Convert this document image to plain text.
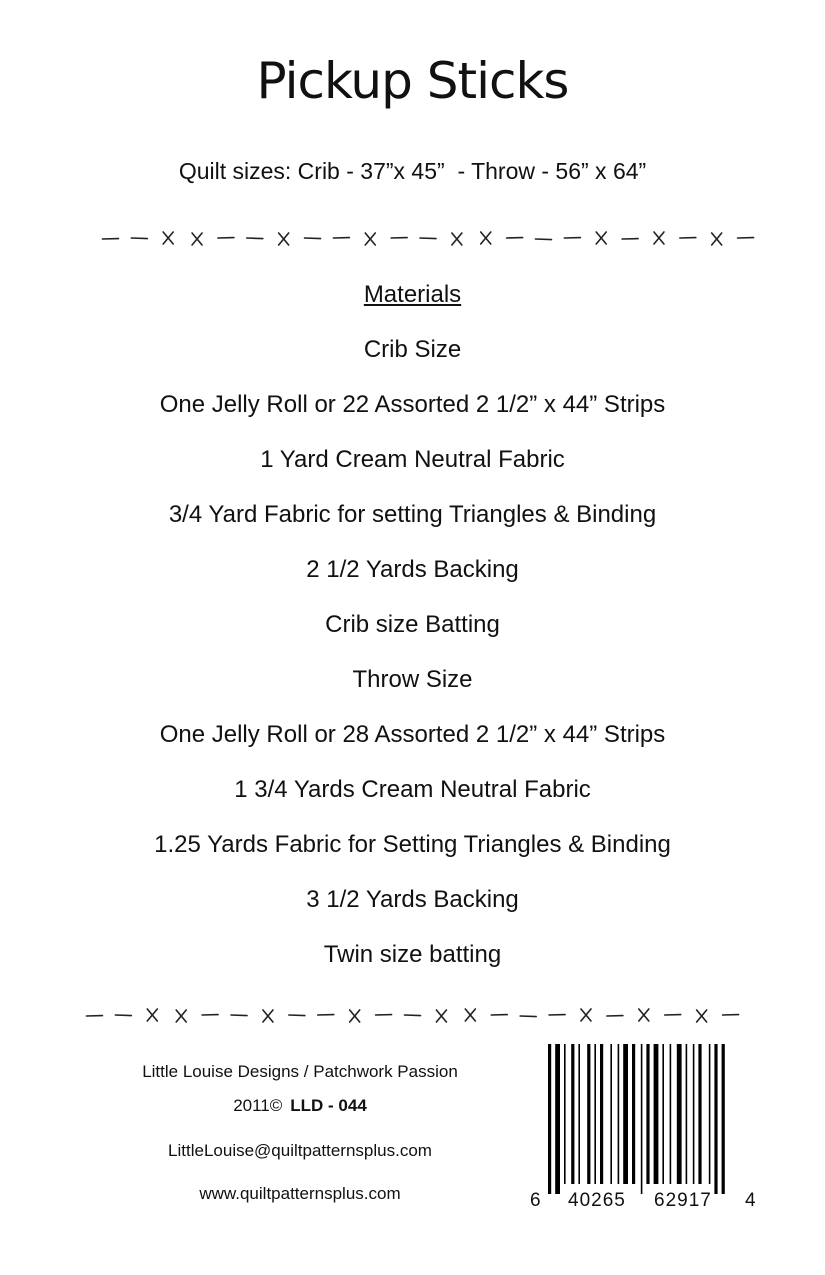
Pickup Sticks
Quilt sizes: Crib - 37”x 45”  - Throw - 56” x 64”
Materials
Crib Size
One Jelly Roll or 22 Assorted 2 1/2” x 44” Strips
1 Yard Cream Neutral Fabric
3/4 Yard Fabric for setting Triangles & Binding
2 1/2 Yards Backing
Crib size Batting
Throw Size
One Jelly Roll or 28 Assorted 2 1/2” x 44” Strips
1 3/4 Yards Cream Neutral Fabric
1.25 Yards Fabric for Setting Triangles & Binding
3 1/2 Yards Backing
Twin size batting
Little Louise Designs / Patchwork Passion
2011© LLD - 044
LittleLouise@quiltpatternsplus.com
www.quiltpatternsplus.com	6 40265 62917 4
